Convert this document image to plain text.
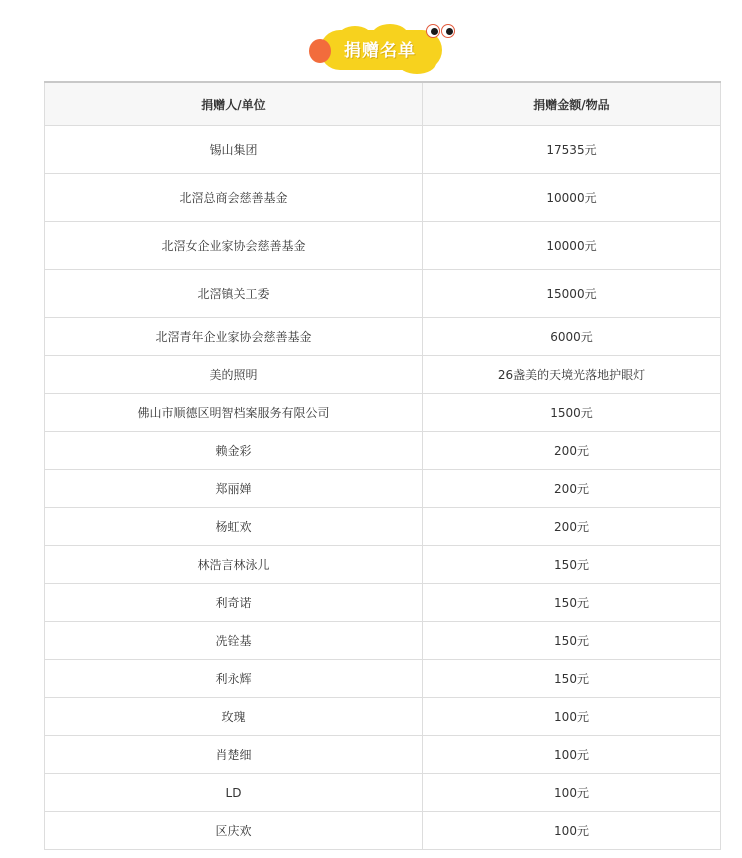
捐赠名单
捐赠人/单位	捐赠金额/物品
锡山集团	17535元
北滘总商会慈善基金	10000元
北滘女企业家协会慈善基金	10000元
北滘镇关工委	15000元
北滘青年企业家协会慈善基金	6000元
美的照明	26盏美的天境光落地护眼灯
佛山市顺德区明智档案服务有限公司	1500元
赖金彩	200元
郑丽婵	200元
杨虹欢	200元
林浩言林泳儿	150元
利奇诺	150元
冼铨基	150元
利永辉	150元
玫瑰	100元
肖楚细	100元
LD	100元
区庆欢	100元
